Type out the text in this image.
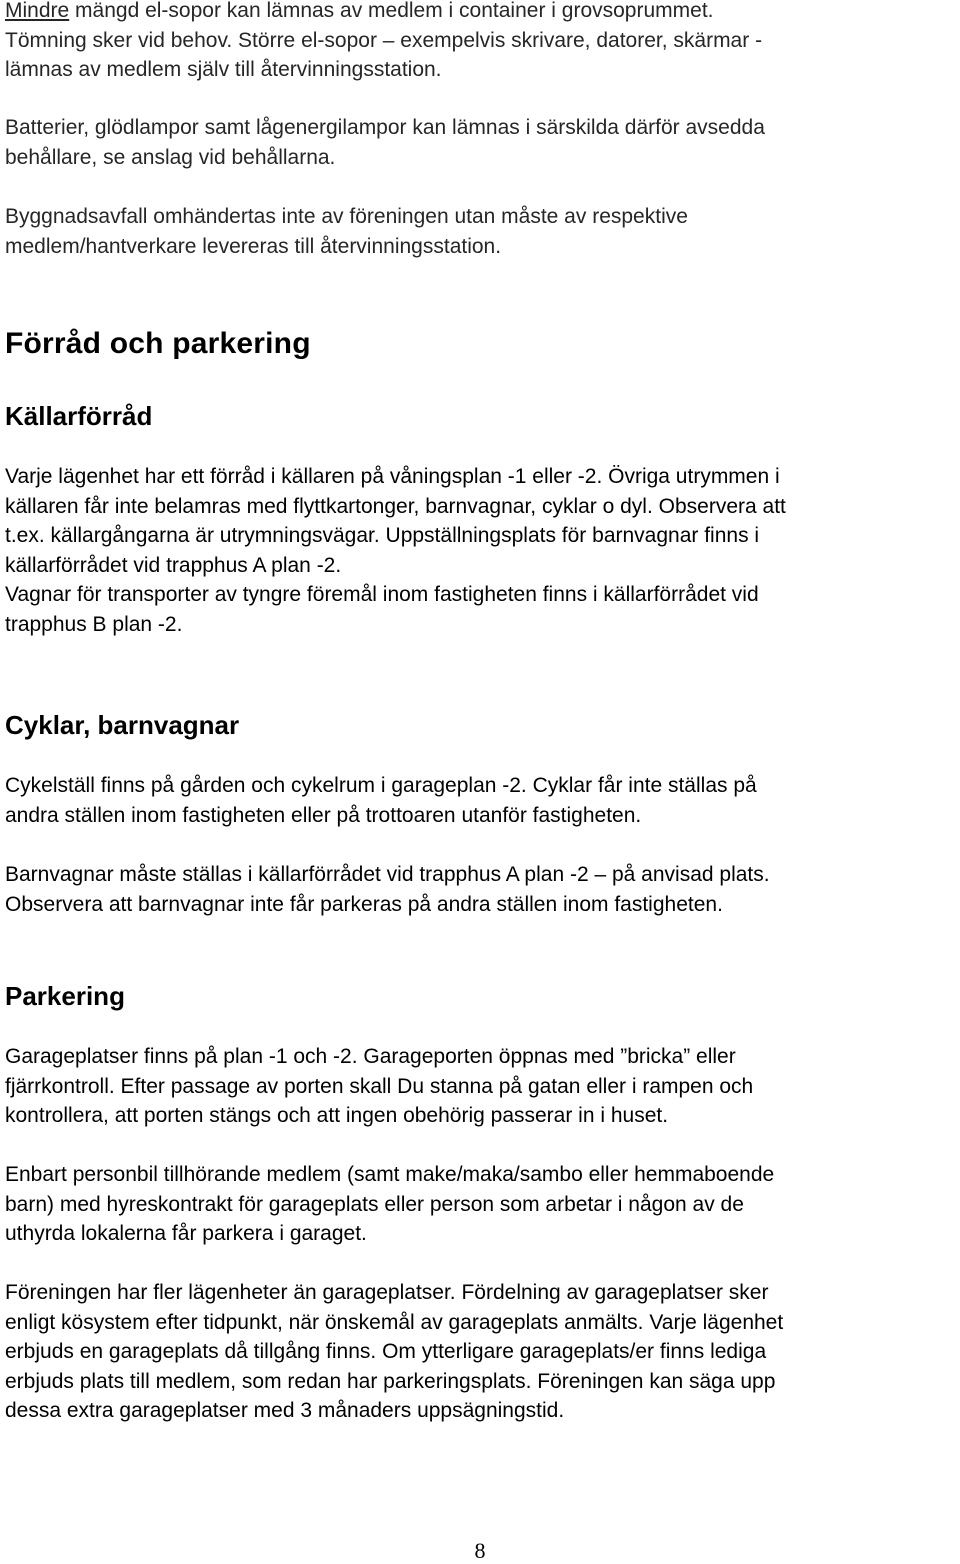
Mindre mängd el-sopor kan lämnas av medlem i container i grovsoprummet.

Tömning sker vid behov. Större el-sopor – exempelvis skrivare, datorer, skärmar -

lämnas av medlem själv till återvinningsstation.

Batterier, glödlampor samt lågenergilampor kan lämnas i särskilda därför avsedda

behållare, se anslag vid behållarna.

Byggnadsavfall omhändertas inte av föreningen utan måste av respektive

medlem/hantverkare levereras till återvinningsstation.

Förråd och parkering
Källarförråd

Varje lägenhet har ett förråd i källaren på våningsplan -1 eller -2. Övriga utrymmen i

källaren får inte belamras med flyttkartonger, barnvagnar, cyklar o dyl. Observera att

t.ex. källargångarna är utrymningsvägar. Uppställningsplats för barnvagnar finns i

källarförrådet vid trapphus A plan -2.

Vagnar för transporter av tyngre föremål inom fastigheten finns i källarförrådet vid

trapphus B plan -2.

Cyklar, barnvagnar

Cykelställ finns på gården och cykelrum i garageplan -2. Cyklar får inte ställas på

andra ställen inom fastigheten eller på trottoaren utanför fastigheten.

Barnvagnar måste ställas i källarförrådet vid trapphus A plan -2 – på anvisad plats.

Observera att barnvagnar inte får parkeras på andra ställen inom fastigheten.

Parkering

Garageplatser finns på plan -1 och -2. Garageporten öppnas med ”bricka” eller

fjärrkontroll. Efter passage av porten skall Du stanna på gatan eller i rampen och

kontrollera, att porten stängs och att ingen obehörig passerar in i huset.

Enbart personbil tillhörande medlem (samt make/maka/sambo eller hemmaboende

barn) med hyreskontrakt för garageplats eller person som arbetar i någon av de

uthyrda lokalerna får parkera i garaget.

Föreningen har fler lägenheter än garageplatser. Fördelning av garageplatser sker

enligt kösystem efter tidpunkt, när önskemål av garageplats anmälts. Varje lägenhet

erbjuds en garageplats då tillgång finns. Om ytterligare garageplats/er finns lediga

erbjuds plats till medlem, som redan har parkeringsplats. Föreningen kan säga upp

dessa extra garageplatser med 3 månaders uppsägningstid.

8
